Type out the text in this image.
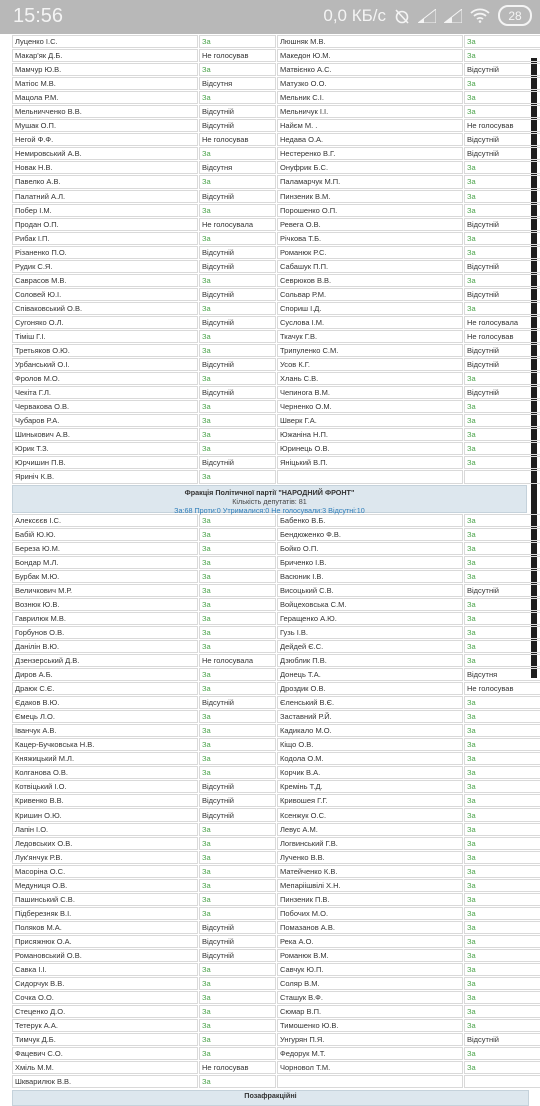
15:56	0,0 КБ/с	28
Луценко І.С.	За	Люшняк М.В.	За
Макар'як Д.Б.	Не голосував	Македон Ю.М.	За
Мамчур Ю.В.	За	Матвієнко А.С.	Відсутній
Матіос М.В.	Відсутня	Матузко О.О.	За
Мацола Р.М.	За	Мельник С.І.	За
Мельничченко В.В.	Відсутній	Мельничук І.І.	За
Мушак О.П.	Відсутній	Найєм М. .	Не голосував
Негой Ф.Ф.	Не голосував	Недава О.А.	Відсутній
Немировський А.В.	За	Нестеренко В.Г.	Відсутній
Новак Н.В.	Відсутня	Онуфрик Б.С.	За
Павелко А.В.	За	Паламарчук М.П.	За
Палатний А.Л.	Відсутній	Пинзеник В.М.	За
Побер І.М.	За	Порошенко О.П.	За
Продан О.П.	Не голосувала	Ревега О.В.	Відсутній
Рибак І.П.	За	Річкова Т.Б.	За
Різаненко П.О.	Відсутній	Романюк Р.С.	За
Рудик С.Я.	Відсутній	Сабашук П.П.	Відсутній
Саврасов М.В.	За	Севрюков В.В.	За
Соловей Ю.І.	Відсутній	Сольвар Р.М.	Відсутній
Співаковський О.В.	За	Спориш І.Д.	За
Сугоняко О.Л.	Відсутній	Суслова І.М.	Не голосувала
Тіміш Г.І.	За	Ткачук Г.В.	Не голосував
Третьяков О.Ю.	За	Трипуленко С.М.	Відсутній
Урбанський О.І.	Відсутній	Усов К.Г.	Відсутній
Фролов М.О.	За	Хлань С.В.	За
Чекіта Г.Л.	Відсутній	Чепинога В.М.	Відсутній
Червакова О.В.	За	Черненко О.М.	За
Чубаров Р.А.	За	Шверк Г.А.	За
Шинькович А.В.	За	Южаніна Н.П.	За
Юрик Т.З.	За	Юринець О.В.	За
Юрчишин П.В.	Відсутній	Яніцький В.П.	За
Яриніч К.В.	За		
Фракція Політичної партії "НАРОДНИЙ ФРОНТ"
Кількість депутатів: 81
За:68 Проти:0 Утрималися:0 Не голосували:3 Відсутні:10
Алексєєв І.С.	За	Бабенко В.Б.	За
Бабій Ю.Ю.	За	Бендюженко Ф.В.	За
Береза Ю.М.	За	Бойко О.П.	За
Бондар М.Л.	За	Бриченко І.В.	За
Бурбак М.Ю.	За	Васюник І.В.	За
Величкович М.Р.	За	Висоцький С.В.	Відсутній
Вознюк Ю.В.	За	Войцеховська С.М.	За
Гаврилюк М.В.	За	Геращенко А.Ю.	За
Горбунов О.В.	За	Гузь І.В.	За
Данілін В.Ю.	За	Дейдей Є.С.	За
Дзензерський Д.В.	Не голосувала	Дзюблик П.В.	За
Диров А.Б.	За	Донець Т.А.	Відсутня
Драюк С.Є.	За	Дроздик О.В.	Не голосував
Єдаков В.Ю.	Відсутній	Єленський В.Є.	За
Ємець Л.О.	За	Заставний Р.Й.	За
Іванчук А.В.	За	Кадикало М.О.	За
Кацер-Бучковська Н.В.	За	Кіщо О.В.	За
Княжицький М.Л.	За	Кодола О.М.	За
Колганова О.В.	За	Корчик В.А.	За
Котвіцький І.О.	Відсутній	Кремінь Т.Д.	За
Кривенко В.В.	Відсутній	Кривошея Г.Г.	За
Кришин О.Ю.	Відсутній	Ксенжук О.С.	За
Лапін І.О.	За	Левус А.М.	За
Ледовських О.В.	За	Логвинський Г.В.	За
Лук'янчук Р.В.	За	Лученко В.В.	За
Масоріна О.С.	За	Матейченко К.В.	За
Медуниця О.В.	За	Мепаріішвілі Х.Н.	За
Пашинський С.В.	За	Пинзеник П.В.	За
Підберезняк В.І.	За	Побочих М.О.	За
Поляков М.А.	Відсутній	Помазанов А.В.	За
Присяжнюк О.А.	Відсутній	Река А.О.	За
Романовський О.В.	Відсутній	Романюк В.М.	За
Савка І.І.	За	Савчук Ю.П.	За
Сидорчук В.В.	За	Соляр В.М.	За
Сочка О.О.	За	Сташук В.Ф.	За
Стеценко Д.О.	За	Сюмар В.П.	За
Тетерук А.А.	За	Тимошенко Ю.В.	За
Тимчук Д.Б.	За	Унгурян П.Я.	Відсутній
Фацевич С.О.	За	Федорук М.Т.	За
Хміль М.М.	Не голосував	Чорновол Т.М.	За
Шкварилюк В.В.	За		
Позафракційні
